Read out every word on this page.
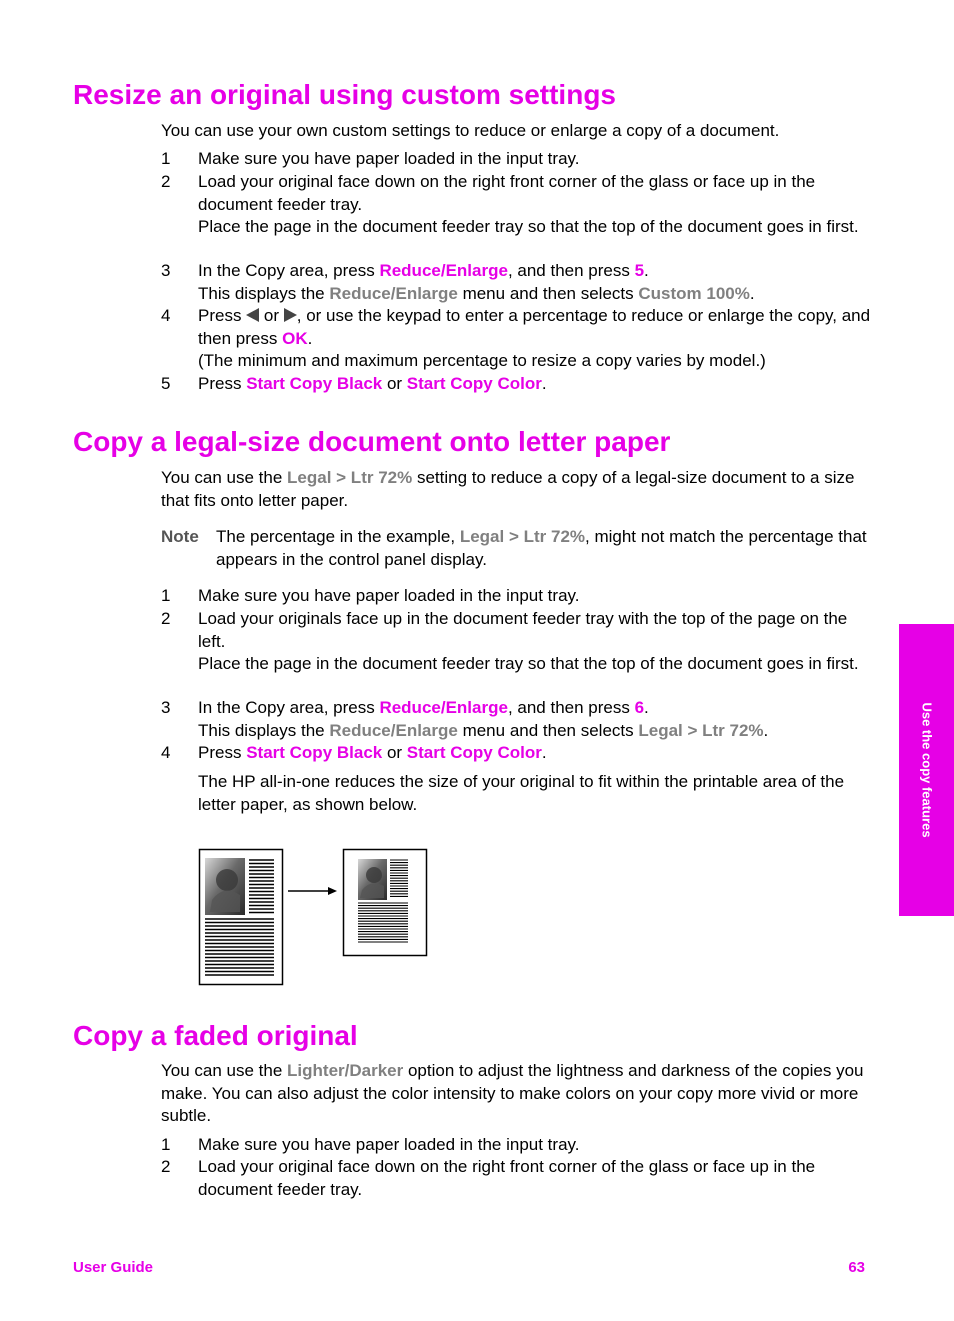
Resize an original using custom settings

You can use your own custom settings to reduce or enlarge a copy of a document.

1 Make sure you have paper loaded in the input tray.
2 Load your original face down on the right front corner of the glass or face up in the document feeder tray.
Place the page in the document feeder tray so that the top of the document goes in first.
3 In the Copy area, press Reduce/Enlarge, and then press 5.
This displays the Reduce/Enlarge menu and then selects Custom 100%.
4 Press  or , or use the keypad to enter a percentage to reduce or enlarge the copy, and then press OK.
(The minimum and maximum percentage to resize a copy varies by model.)
5 Press Start Copy Black or Start Copy Color.
Copy a legal-size document onto letter paper

You can use the Legal > Ltr 72% setting to reduce a copy of a legal-size document to a size that fits onto letter paper.

Note The percentage in the example, Legal > Ltr 72%, might not match the percentage that appears in the control panel display.
1 Make sure you have paper loaded in the input tray.
2 Load your originals face up in the document feeder tray with the top of the page on the left.
Place the page in the document feeder tray so that the top of the document goes in first.
3 In the Copy area, press Reduce/Enlarge, and then press 6.
This displays the Reduce/Enlarge menu and then selects Legal > Ltr 72%.
4 Press Start Copy Black or Start Copy Color.

The HP all-in-one reduces the size of your original to fit within the printable area of the letter paper, as shown below.

Copy a faded original

You can use the Lighter/Darker option to adjust the lightness and darkness of the copies you make. You can also adjust the color intensity to make colors on your copy more vivid or more subtle.

1 Make sure you have paper loaded in the input tray.
2 Load your original face down on the right front corner of the glass or face up in the document feeder tray.
Use the copy features
User Guide	63
